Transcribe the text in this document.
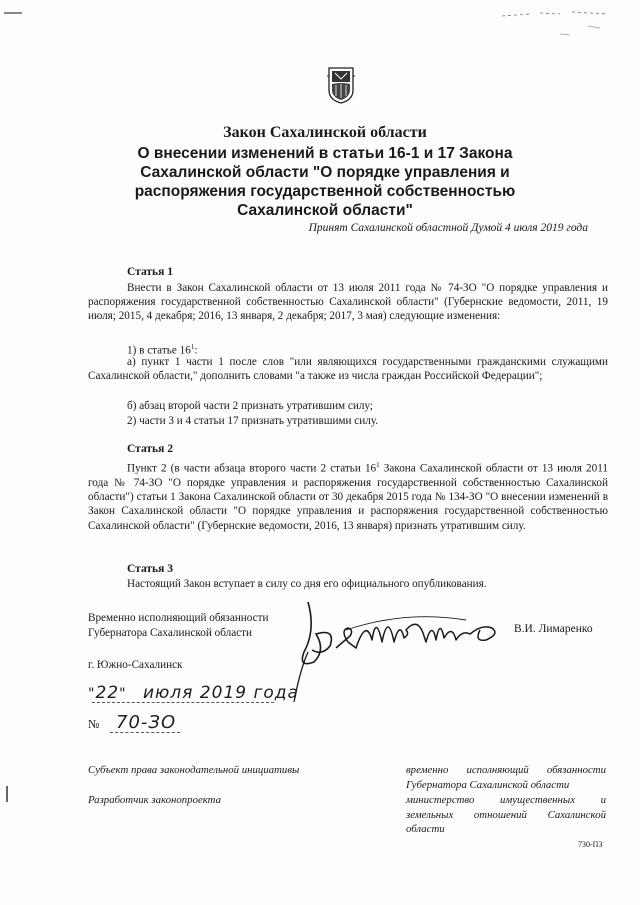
Закон Сахалинской области
О внесении изменений в статьи 16-1 и 17 Закона
Сахалинской области "О порядке управления и
распоряжения государственной собственностью
Сахалинской области"
Принят Сахалинской областной Думой 4 июля 2019 года
Статья 1
Внести в Закон Сахалинской области от 13 июля 2011 года № 74-ЗО "О порядке управления и распоряжения государственной собственностью Сахалинской области" (Губернские ведомости, 2011, 19 июля; 2015, 4 декабря; 2016, 13 января, 2 декабря; 2017, 3 мая) следующие изменения:
1) в статье $16^1$:
а) пункт 1 части 1 после слов "или являющихся государственными гражданскими служащими Сахалинской области," дополнить словами "а также из числа граждан Российской Федерации";
б) абзац второй части 2 признать утратившим силу;
2) части 3 и 4 статьи 17 признать утратившими силу.
Статья 2
Пункт 2 (в части абзаца второго части 2 статьи $16^1$ Закона Сахалинской области от 13 июля 2011 года № 74-ЗО "О порядке управления и распоряжения государственной собственностью Сахалинской области") статьи 1 Закона Сахалинской области от 30 декабря 2015 года № 134-ЗО "О внесении изменений в Закон Сахалинской области "О порядке управления и распоряжения государственной собственностью Сахалинской области" (Губернские ведомости, 2016, 13 января) признать утратившим силу.
Статья 3
Настоящий Закон вступает в силу со дня его официального опубликования.
Временно исполняющий обязанности
Губернатора Сахалинской области	В.И. Лимаренко
г. Южно-Сахалинск
"22" июля 2019 года
№ 70-ЗО
Субъект права законодательной инициативы
Разработчик законопроекта
временно исполняющий обязанности Губернатора Сахалинской области
министерство имущественных и земельных отношений Сахалинской области
730-ПЗ
